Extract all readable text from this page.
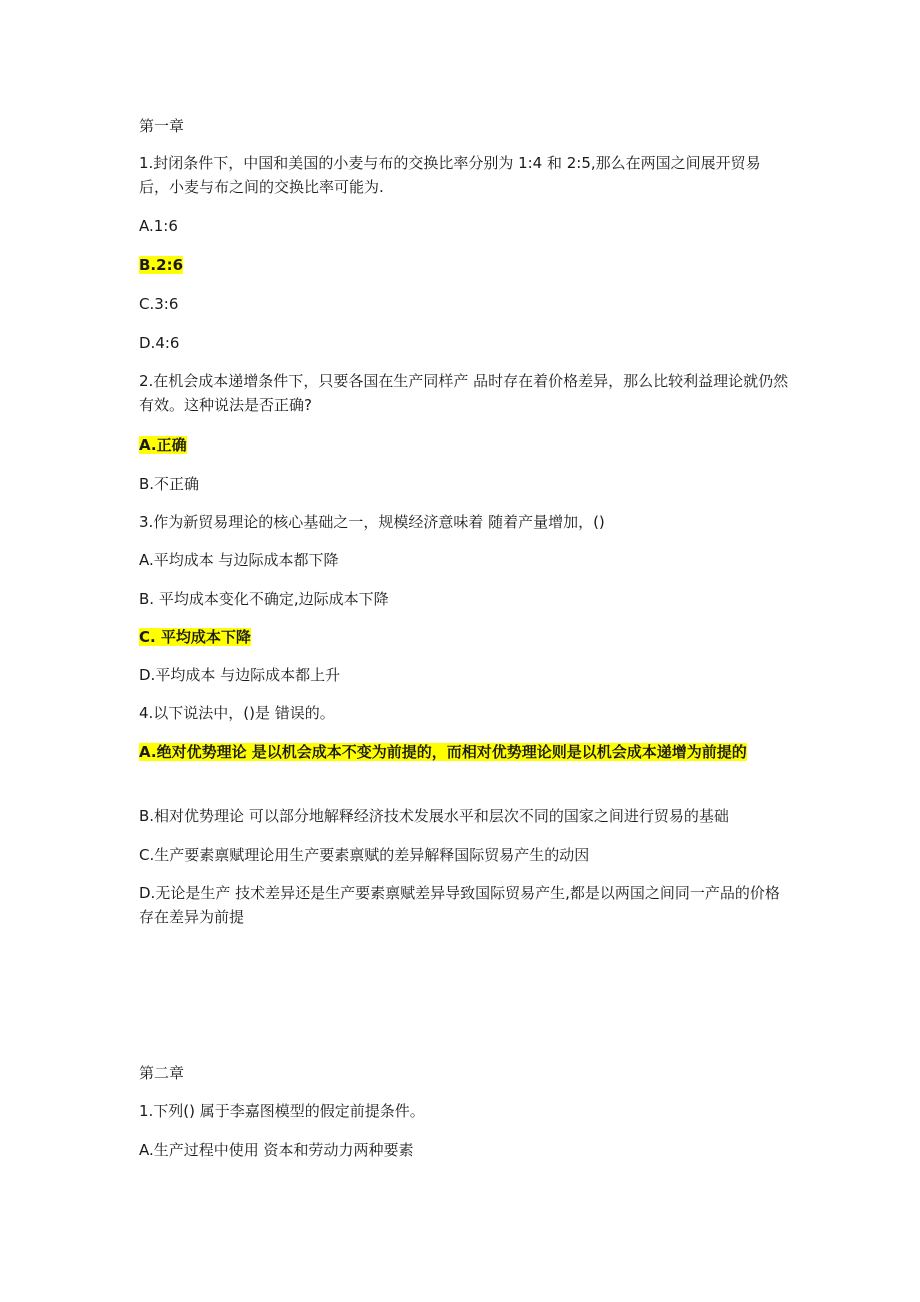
第一章
1.封闭条件下，中国和美国的小麦与布的交换比率分别为 1:4 和 2:5,那么在两国之间展开贸易后，小麦与布之间的交换比率可能为.
A.1:6
B.2:6
C.3:6
D.4:6
2.在机会成本递增条件下，只要各国在生产同样产 品时存在着价格差异，那么比较利益理论就仍然有效。这种说法是否正确?
A.正确
B.不正确
3.作为新贸易理论的核心基础之一，规模经济意味着 随着产量增加，()
A.平均成本 与边际成本都下降
B. 平均成本变化不确定,边际成本下降
C. 平均成本下降
D.平均成本 与边际成本都上升
4.以下说法中，()是 错误的。
A.绝对优势理论 是以机会成本不变为前提的，而相对优势理论则是以机会成本递增为前提的
B.相对优势理论 可以部分地解释经济技术发展水平和层次不同的国家之间进行贸易的基础
C.生产要素禀赋理论用生产要素禀赋的差异解释国际贸易产生的动因
D.无论是生产 技术差异还是生产要素禀赋差异导致国际贸易产生,都是以两国之间同一产品的价格存在差异为前提
第二章
1.下列() 属于李嘉图模型的假定前提条件。
A.生产过程中使用 资本和劳动力两种要素
